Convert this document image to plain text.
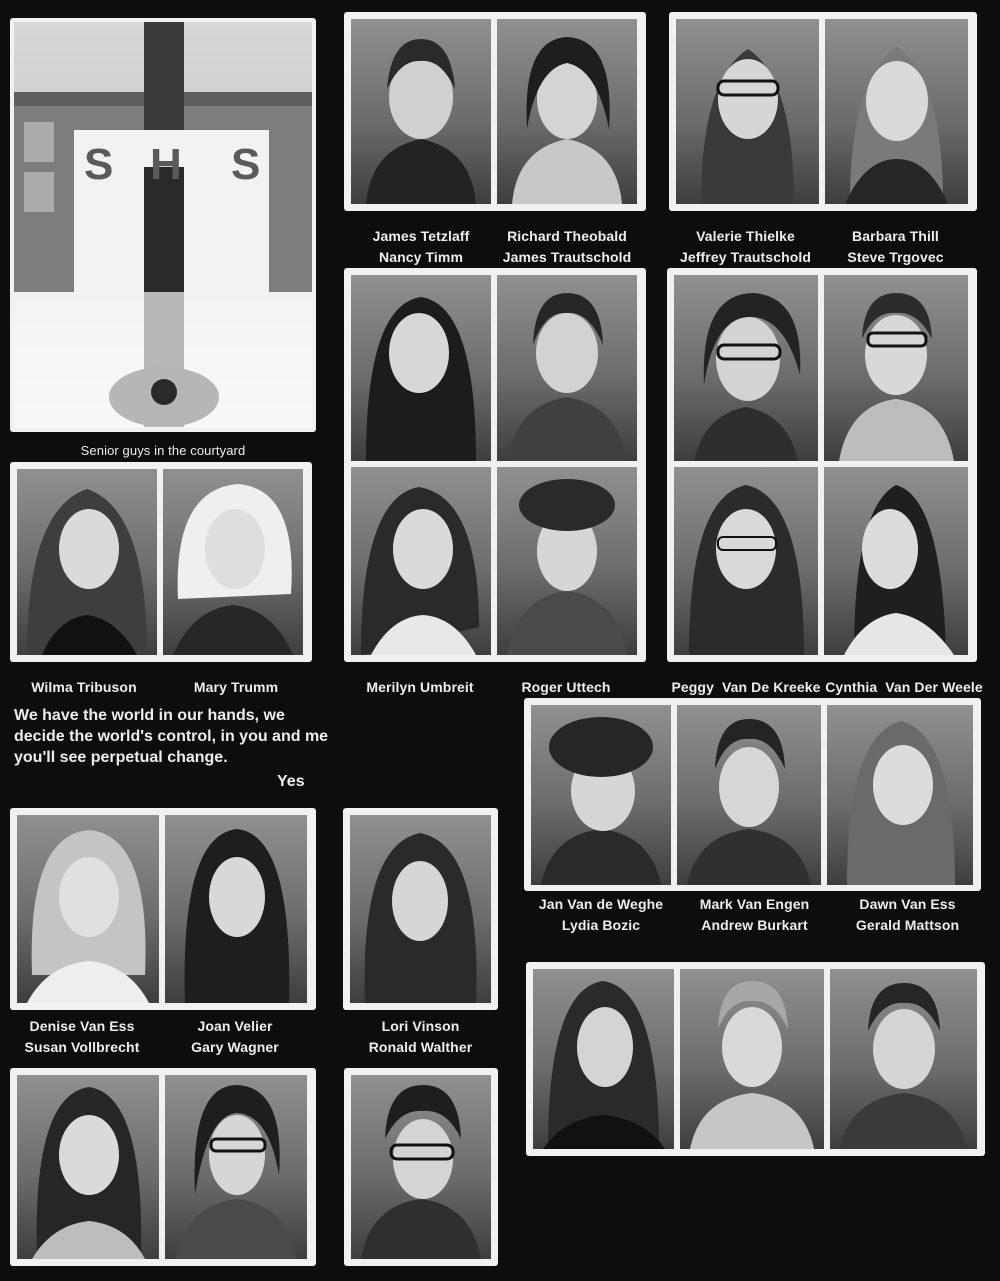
S H S
Senior guys in the courtyard
James Tetzlaff
Nancy Timm
Richard Theobald
James Trautschold
Valerie Thielke
Jeffrey Trautschold
Barbara Thill
Steve Trgovec
Wilma Tribuson	Mary Trumm	Merilyn Umbreit	Roger Uttech	Peggy  Van De Kreeke Cynthia  Van Der Weele
We have the world in our hands, we
decide the world's control, in you and me
you'll see perpetual change.
Yes
Jan Van de Weghe
Lydia Bozic
Mark Van Engen
Andrew Burkart
Dawn Van Ess
Gerald Mattson
Denise Van Ess
Susan Vollbrecht
Joan Velier
Gary Wagner
Lori Vinson
Ronald Walther
